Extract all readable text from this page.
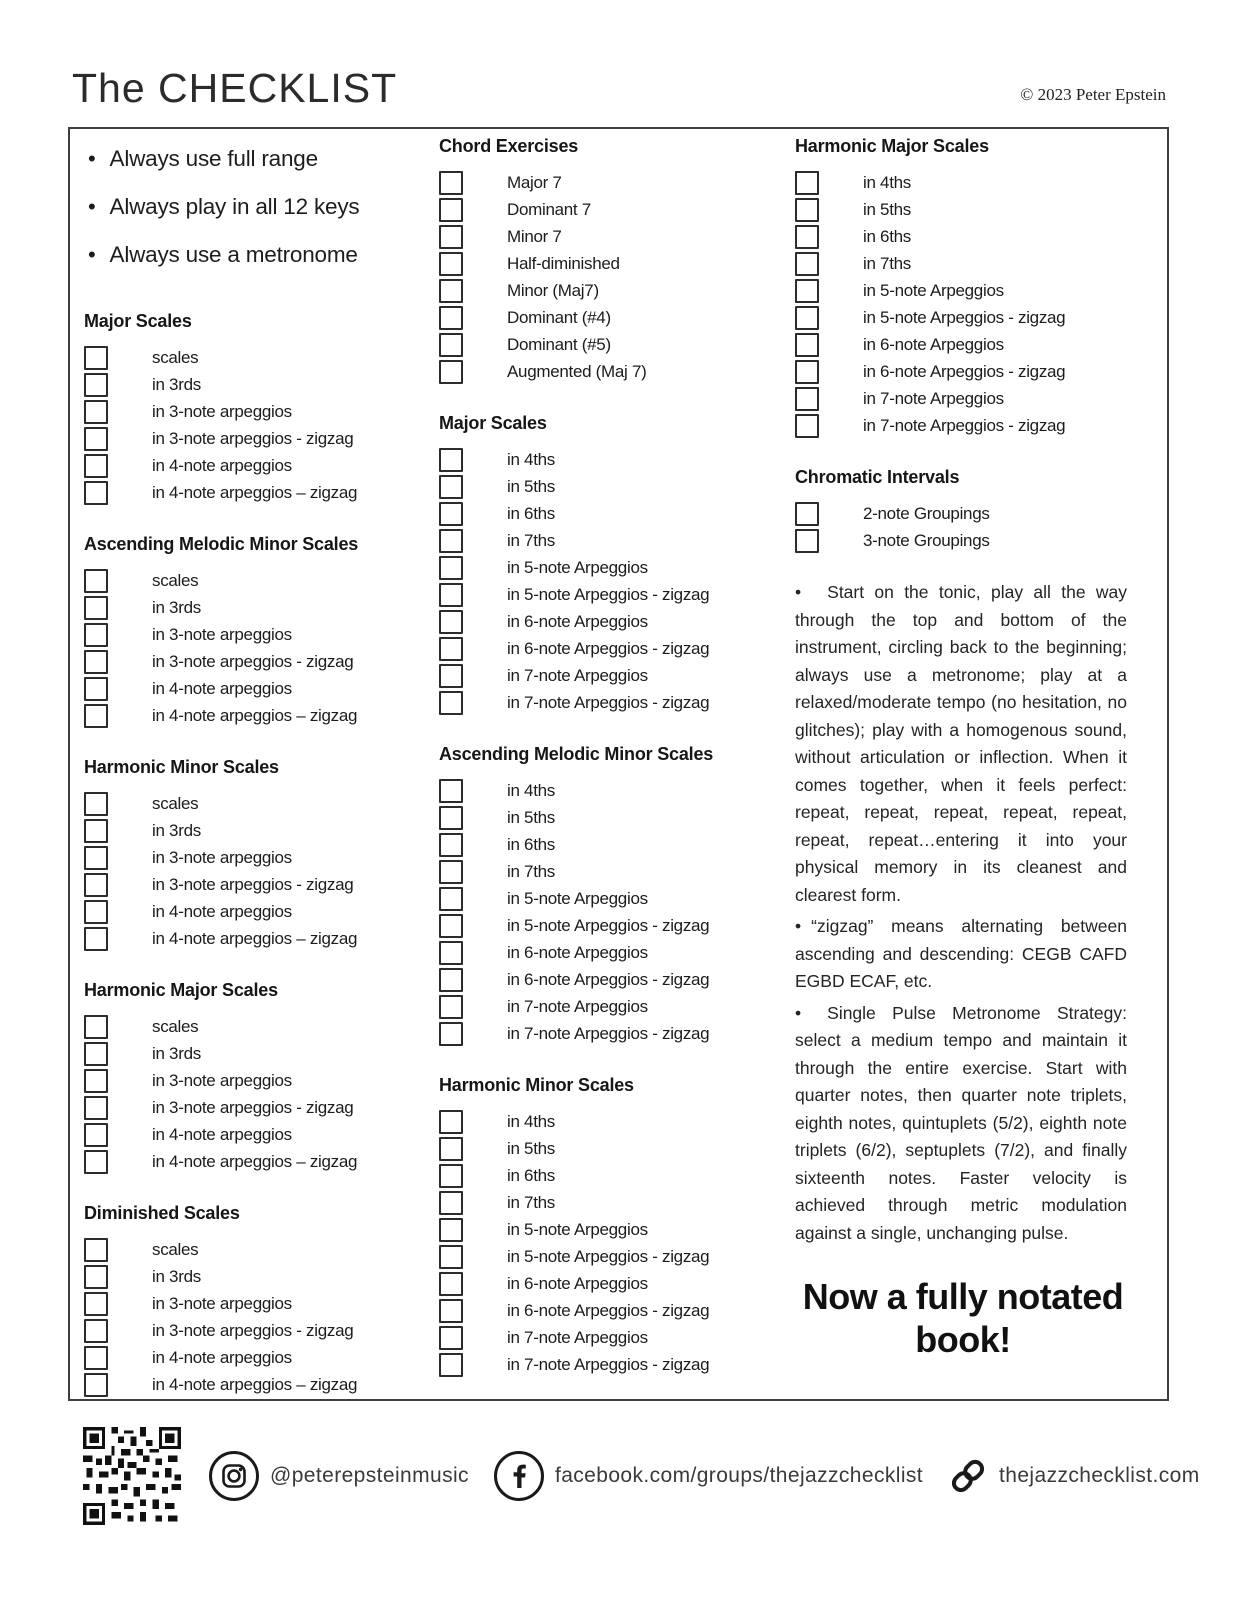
The CHECKLIST	© 2023 Peter Epstein
• Always use full range
• Always play in all 12 keys
• Always use a metronome
Major Scales
scales
in 3rds
in 3-note arpeggios
in 3-note arpeggios - zigzag
in 4-note arpeggios
in 4-note arpeggios – zigzag
Ascending Melodic Minor Scales
scales
in 3rds
in 3-note arpeggios
in 3-note arpeggios - zigzag
in 4-note arpeggios
in 4-note arpeggios – zigzag
Harmonic Minor Scales
scales
in 3rds
in 3-note arpeggios
in 3-note arpeggios - zigzag
in 4-note arpeggios
in 4-note arpeggios – zigzag
Harmonic Major Scales
scales
in 3rds
in 3-note arpeggios
in 3-note arpeggios - zigzag
in 4-note arpeggios
in 4-note arpeggios – zigzag
Diminished Scales
scales
in 3rds
in 3-note arpeggios
in 3-note arpeggios - zigzag
in 4-note arpeggios
in 4-note arpeggios – zigzag
Chord Exercises
Major 7
Dominant 7
Minor 7
Half-diminished
Minor (Maj7)
Dominant (#4)
Dominant (#5)
Augmented (Maj 7)
Major Scales
in 4ths
in 5ths
in 6ths
in 7ths
in 5-note Arpeggios
in 5-note Arpeggios - zigzag
in 6-note Arpeggios
in 6-note Arpeggios - zigzag
in 7-note Arpeggios
in 7-note Arpeggios - zigzag
Ascending Melodic Minor Scales
in 4ths
in 5ths
in 6ths
in 7ths
in 5-note Arpeggios
in 5-note Arpeggios - zigzag
in 6-note Arpeggios
in 6-note Arpeggios - zigzag
in 7-note Arpeggios
in 7-note Arpeggios - zigzag
Harmonic Minor Scales
in 4ths
in 5ths
in 6ths
in 7ths
in 5-note Arpeggios
in 5-note Arpeggios - zigzag
in 6-note Arpeggios
in 6-note Arpeggios - zigzag
in 7-note Arpeggios
in 7-note Arpeggios - zigzag
Harmonic Major Scales
in 4ths
in 5ths
in 6ths
in 7ths
in 5-note Arpeggios
in 5-note Arpeggios - zigzag
in 6-note Arpeggios
in 6-note Arpeggios - zigzag
in 7-note Arpeggios
in 7-note Arpeggios - zigzag
Chromatic Intervals
2-note Groupings
3-note Groupings

• Start on the tonic, play all the way through the top and bottom of the instrument, circling back to the beginning; always use a metronome; play at a relaxed/moderate tempo (no hesitation, no glitches); play with a homogenous sound, without articulation or inflection. When it comes together, when it feels perfect: repeat, repeat, repeat, repeat, repeat, repeat, repeat…entering it into your physical memory in its cleanest and clearest form.

• “zigzag” means alternating between ascending and descending: CEGB CAFD EGBD ECAF, etc.

• Single Pulse Metronome Strategy: select a medium tempo and maintain it through the entire exercise. Start with quarter notes, then quarter note triplets, eighth notes, quintuplets (5/2), eighth note triplets (6/2), septuplets (7/2), and finally sixteenth notes. Faster velocity is achieved through metric modulation against a single, unchanging pulse.

Now a fully notated book!
@peterepsteinmusic	facebook.com/groups/thejazzchecklist	thejazzchecklist.com
